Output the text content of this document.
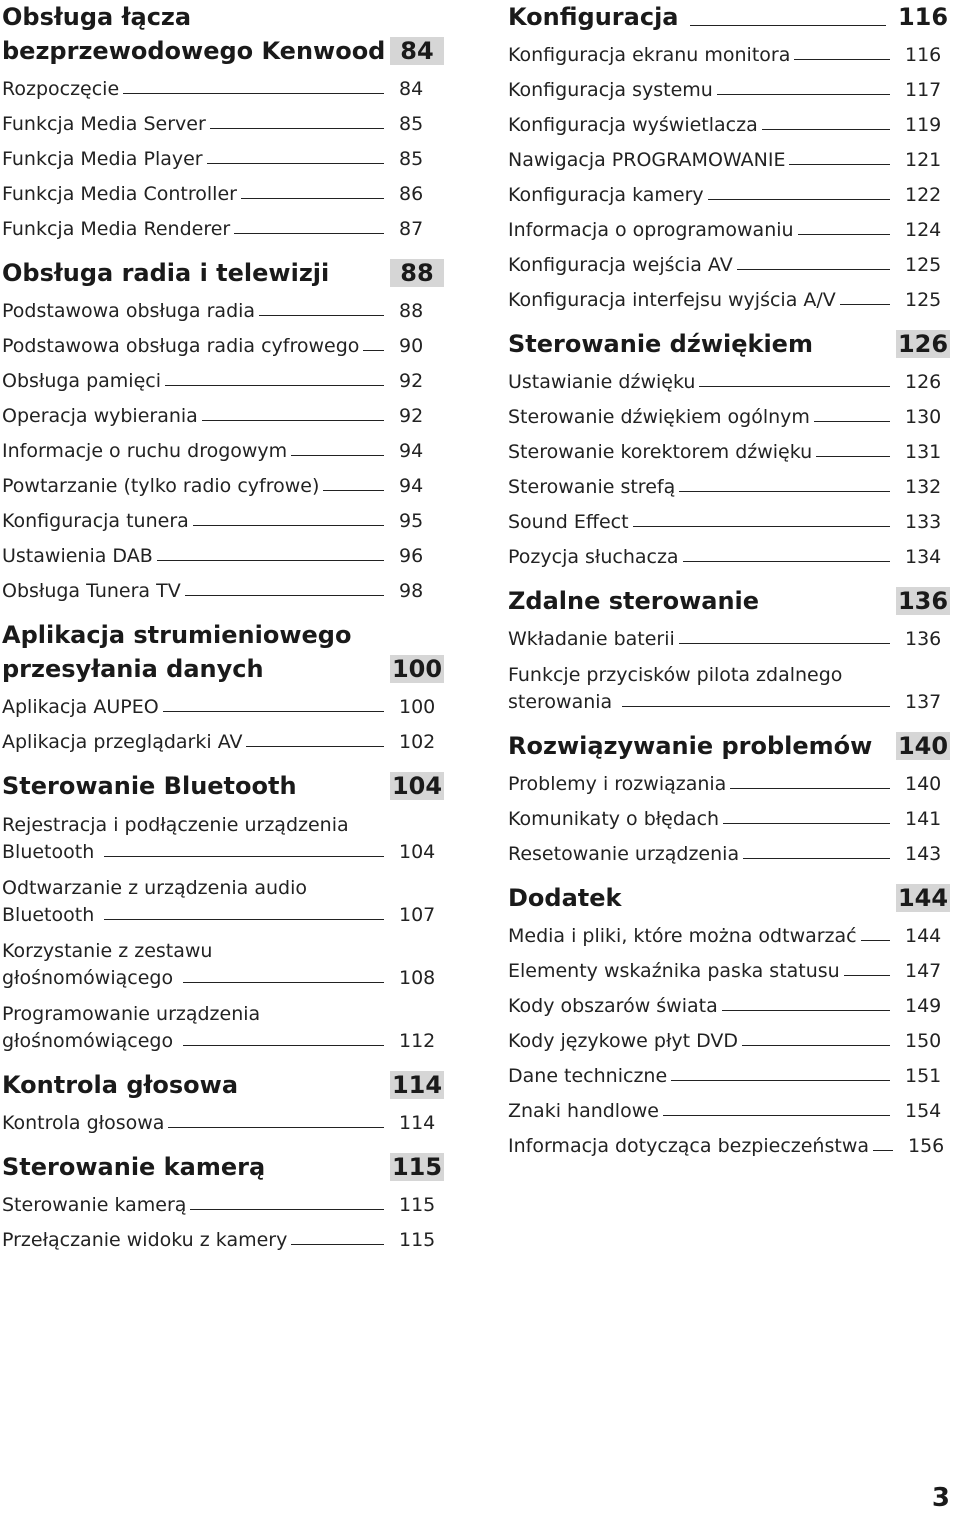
Obsługa łącza
bezprzewodowego Kenwood 84
Rozpoczęcie	84
Funkcja Media Server	85
Funkcja Media Player	85
Funkcja Media Controller	86
Funkcja Media Renderer	87
Obsługa radia i telewizji	88
Podstawowa obsługa radia	88
Podstawowa obsługa radia cyfrowego 90
Obsługa pamięci	92
Operacja wybierania	92
Informacje o ruchu drogowym	94
Powtarzanie (tylko radio cyfrowe)	94
Konfiguracja tunera	95
Ustawienia DAB	96
Obsługa Tunera TV	98
Aplikacja strumieniowego
przesyłania danych	100
Aplikacja AUPEO	100
Aplikacja przeglądarki AV	102
Sterowanie Bluetooth	104
Rejestracja i podłączenie urządzenia
Bluetooth	104
Odtwarzanie z urządzenia audio
Bluetooth	107
Korzystanie z zestawu
głośnomówiącego	108
Programowanie urządzenia
głośnomówiącego	112
Kontrola głosowa	114
Kontrola głosowa	114
Sterowanie kamerą	115
Sterowanie kamerą	115
Przełączanie widoku z kamery	115
Konfiguracja	116
Konfiguracja ekranu monitora	116
Konfiguracja systemu	117
Konfiguracja wyświetlacza	119
Nawigacja PROGRAMOWANIE	121
Konfiguracja kamery	122
Informacja o oprogramowaniu	124
Konfiguracja wejścia AV	125
Konfiguracja interfejsu wyjścia A/V	125
Sterowanie dźwiękiem	126
Ustawianie dźwięku	126
Sterowanie dźwiękiem ogólnym	130
Sterowanie korektorem dźwięku	131
Sterowanie strefą	132
Sound Effect	133
Pozycja słuchacza	134
Zdalne sterowanie	136
Wkładanie baterii	136
Funkcje przycisków pilota zdalnego
sterowania	137
Rozwiązywanie problemów	140
Problemy i rozwiązania	140
Komunikaty o błędach	141
Resetowanie urządzenia	143
Dodatek	144
Media i pliki, które można odtwarzać	144
Elementy wskaźnika paska statusu	147
Kody obszarów świata	149
Kody językowe płyt DVD	150
Dane techniczne	151
Znaki handlowe	154
Informacja dotycząca bezpieczeństwa 156
3
